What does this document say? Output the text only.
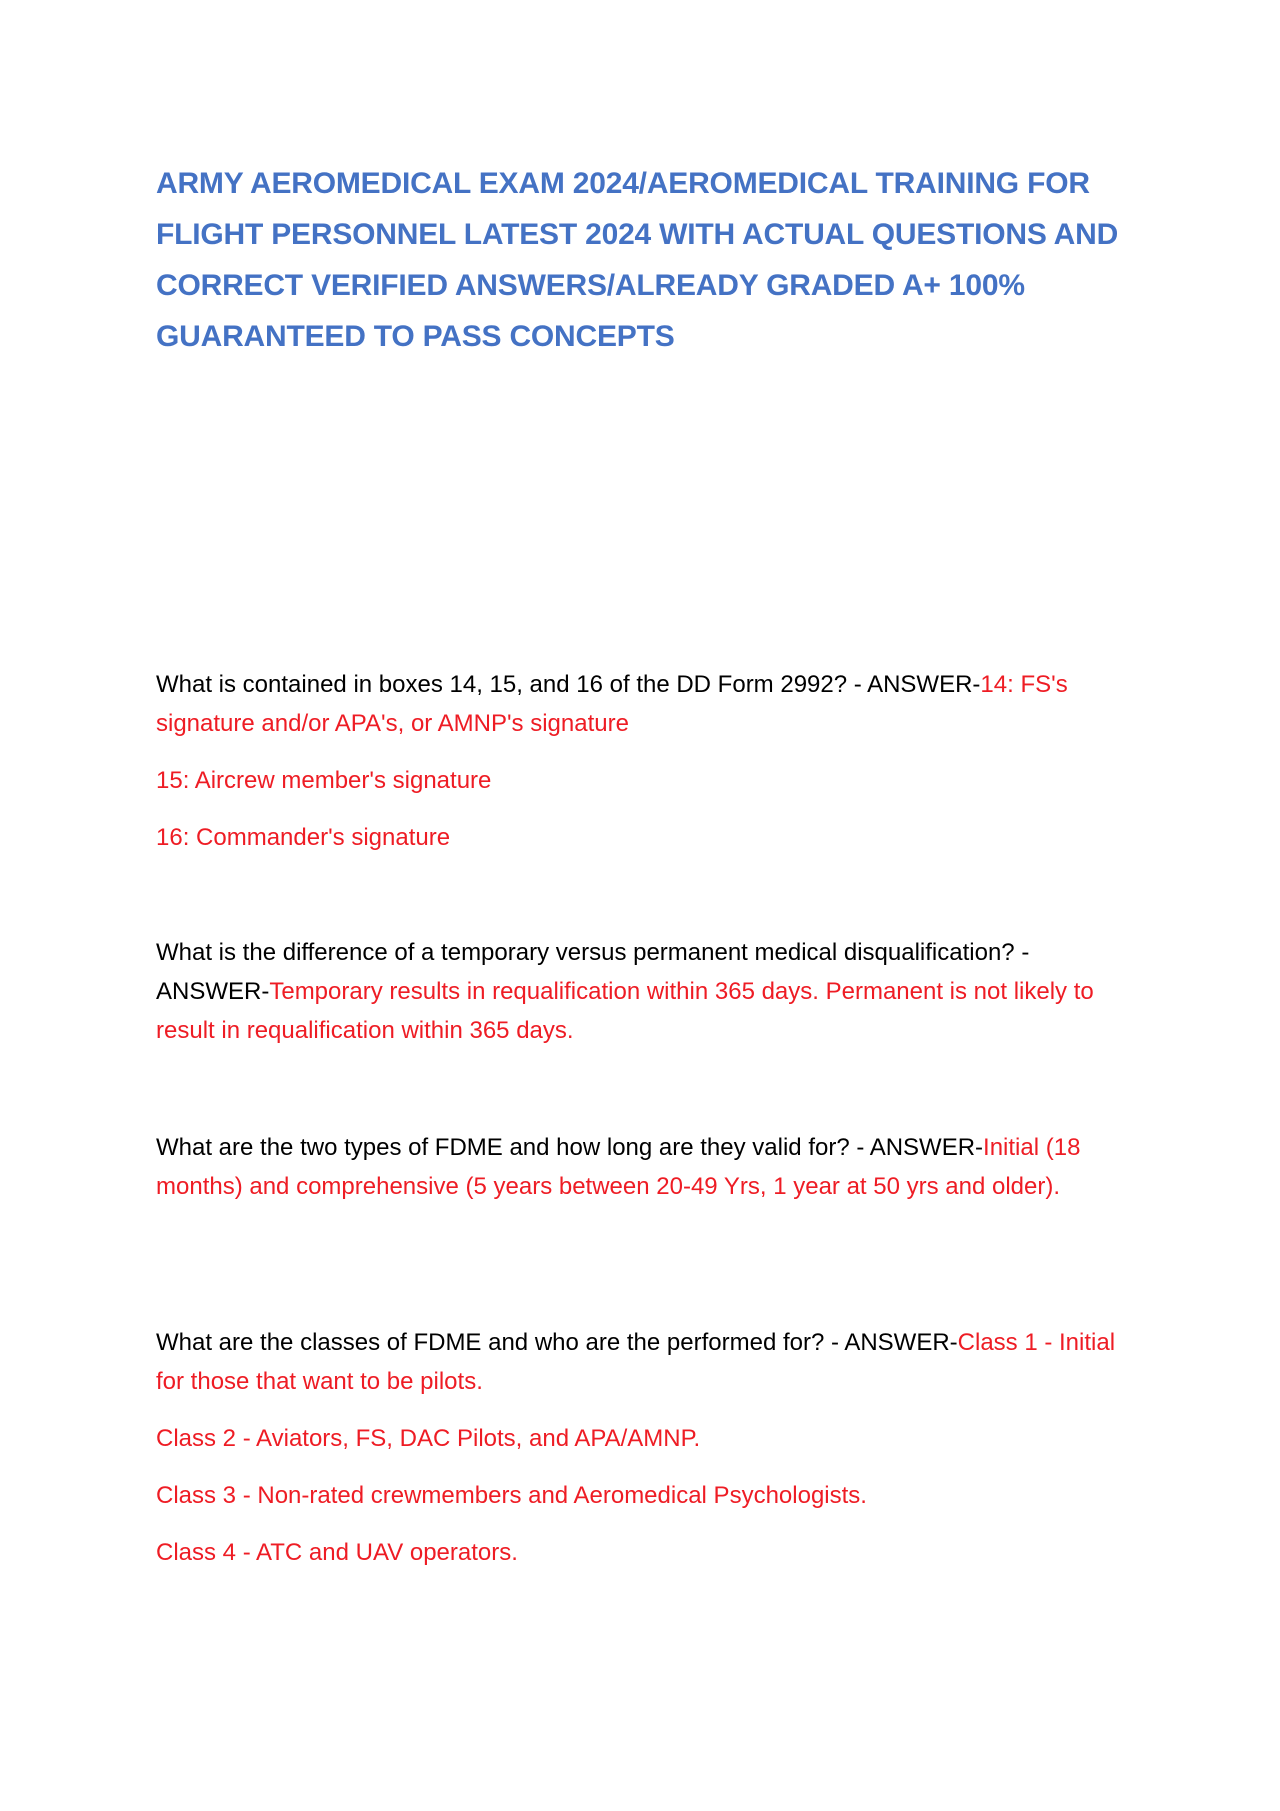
ARMY AEROMEDICAL EXAM 2024/AEROMEDICAL TRAINING FOR FLIGHT PERSONNEL LATEST 2024 WITH ACTUAL QUESTIONS AND CORRECT VERIFIED ANSWERS/ALREADY GRADED A+ 100% GUARANTEED TO PASS CONCEPTS

What is contained in boxes 14, 15, and 16 of the DD Form 2992? - ANSWER-14: FS's signature and/or APA's, or AMNP's signature

15: Aircrew member's signature

16: Commander's signature

What is the difference of a temporary versus permanent medical disqualification? - ANSWER-Temporary results in requalification within 365 days. Permanent is not likely to result in requalification within 365 days.

What are the two types of FDME and how long are they valid for? - ANSWER-Initial (18 months) and comprehensive (5 years between 20-49 Yrs, 1 year at 50 yrs and older).

What are the classes of FDME and who are the performed for? - ANSWER-Class 1 - Initial for those that want to be pilots.

Class 2 - Aviators, FS, DAC Pilots, and APA/AMNP.

Class 3 - Non-rated crewmembers and Aeromedical Psychologists.

Class 4 - ATC and UAV operators.
